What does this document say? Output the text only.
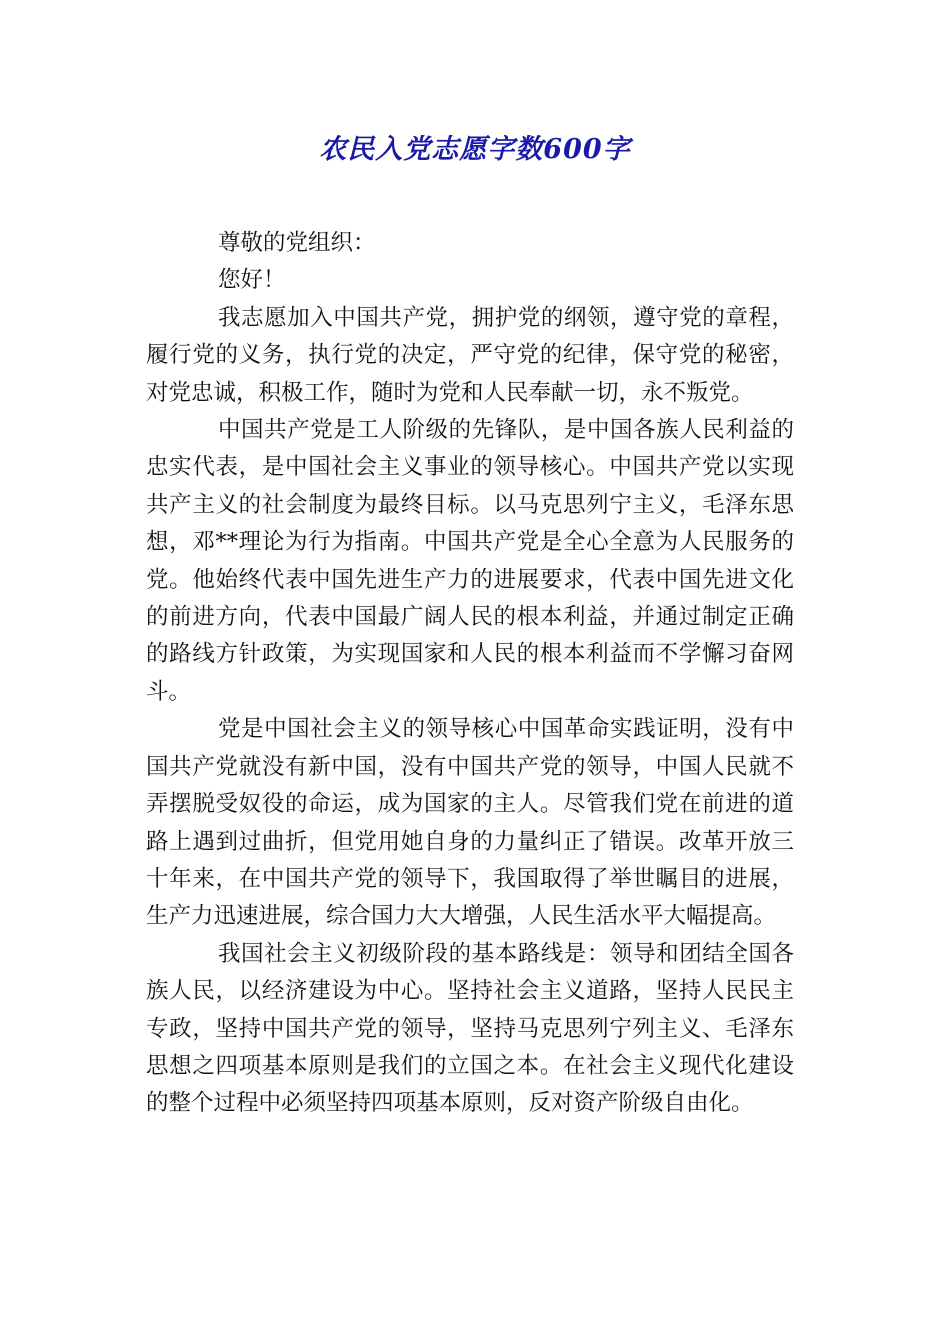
农民入党志愿字数600字

尊敬的党组织：

您好！

我志愿加入中国共产党，拥护党的纲领，遵守党的章程，履行党的义务，执行党的决定，严守党的纪律，保守党的秘密，对党忠诚，积极工作，随时为党和人民奉献一切，永不叛党。

中国共产党是工人阶级的先锋队，是中国各族人民利益的忠实代表，是中国社会主义事业的领导核心。中国共产党以实现共产主义的社会制度为最终目标。以马克思列宁主义，毛泽东思想，邓**理论为行为指南。中国共产党是全心全意为人民服务的党。他始终代表中国先进生产力的进展要求，代表中国先进文化的前进方向，代表中国最广阔人民的根本利益，并通过制定正确的路线方针政策，为实现国家和人民的根本利益而不学懈习奋网斗。

党是中国社会主义的领导核心中国革命实践证明，没有中国共产党就没有新中国，没有中国共产党的领导，中国人民就不弄摆脱受奴役的命运，成为国家的主人。尽管我们党在前进的道路上遇到过曲折，但党用她自身的力量纠正了错误。改革开放三十年来，在中国共产党的领导下，我国取得了举世瞩目的进展，生产力迅速进展，综合国力大大增强，人民生活水平大幅提高。

我国社会主义初级阶段的基本路线是：领导和团结全国各族人民，以经济建设为中心。坚持社会主义道路，坚持人民民主专政，坚持中国共产党的领导，坚持马克思列宁列主义、毛泽东思想之四项基本原则是我们的立国之本。在社会主义现代化建设的整个过程中必须坚持四项基本原则，反对资产阶级自由化。
